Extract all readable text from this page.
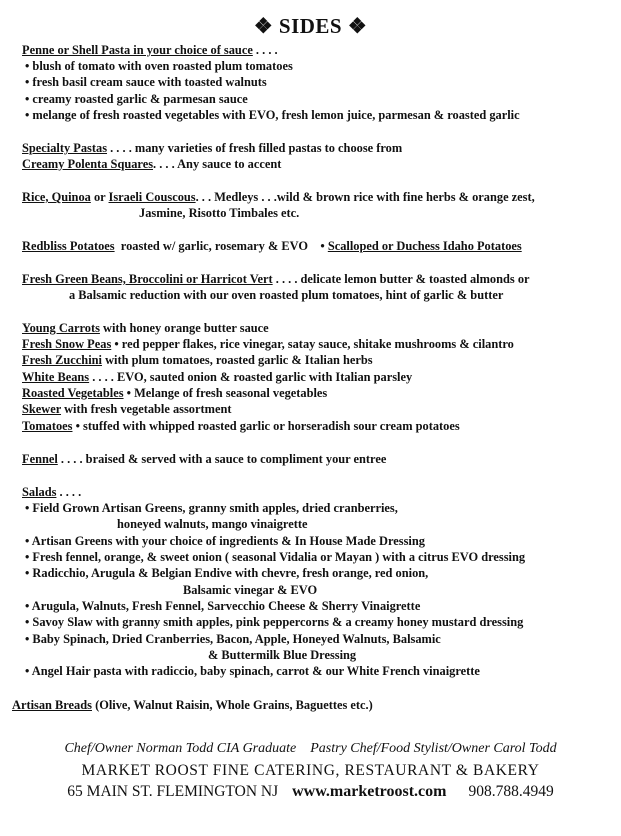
❖ SIDES ❖
Penne or Shell Pasta in your choice of sauce . . . .
• blush of tomato with oven roasted plum tomatoes
• fresh basil cream sauce with toasted walnuts
• creamy roasted garlic & parmesan sauce
• melange of fresh roasted vegetables with EVO, fresh lemon juice, parmesan & roasted garlic
Specialty Pastas . . . . many varieties of fresh filled pastas to choose from
Creamy Polenta Squares. . . . Any sauce to accent
Rice, Quinoa or Israeli Couscous. . . Medleys . . .wild & brown rice with fine herbs & orange zest,
Jasmine, Risotto Timbales etc.
Redbliss Potatoes  roasted w/ garlic, rosemary & EVO    • Scalloped or Duchess Idaho Potatoes
Fresh Green Beans, Broccolini or Harricot Vert . . . . delicate lemon butter & toasted almonds or
a Balsamic reduction with our oven roasted plum tomatoes, hint of garlic & butter
Young Carrots with honey orange butter sauce
Fresh Snow Peas • red pepper flakes, rice vinegar, satay sauce, shitake mushrooms & cilantro
Fresh Zucchini with plum tomatoes, roasted garlic & Italian herbs
White Beans . . . . EVO, sauted onion & roasted garlic with Italian parsley
Roasted Vegetables • Melange of fresh seasonal vegetables
Skewer with fresh vegetable assortment
Tomatoes • stuffed with whipped roasted garlic or horseradish sour cream potatoes
Fennel . . . . braised & served with a sauce to compliment your entree
Salads . . . .
• Field Grown Artisan Greens, granny smith apples, dried cranberries,
honeyed walnuts, mango vinaigrette
• Artisan Greens with your choice of ingredients & In House Made Dressing
• Fresh fennel, orange, & sweet onion ( seasonal Vidalia or Mayan ) with a citrus EVO dressing
• Radicchio, Arugula & Belgian Endive with chevre, fresh orange, red onion,
Balsamic vinegar & EVO
• Arugula, Walnuts, Fresh Fennel, Sarvecchio Cheese & Sherry Vinaigrette
• Savoy Slaw with granny smith apples, pink peppercorns & a creamy honey mustard dressing
• Baby Spinach, Dried Cranberries, Bacon, Apple, Honeyed Walnuts, Balsamic
& Buttermilk Blue Dressing
• Angel Hair pasta with radiccio, baby spinach, carrot & our White French vinaigrette
Artisan Breads (Olive, Walnut Raisin, Whole Grains, Baguettes etc.)
Chef/Owner Norman Todd CIA Graduate Pastry Chef/Food Stylist/Owner Carol Todd
MARKET ROOST FINE CATERING, RESTAURANT & BAKERY
65 MAIN ST. FLEMINGTON NJ www.marketroost.com 908.788.4949
